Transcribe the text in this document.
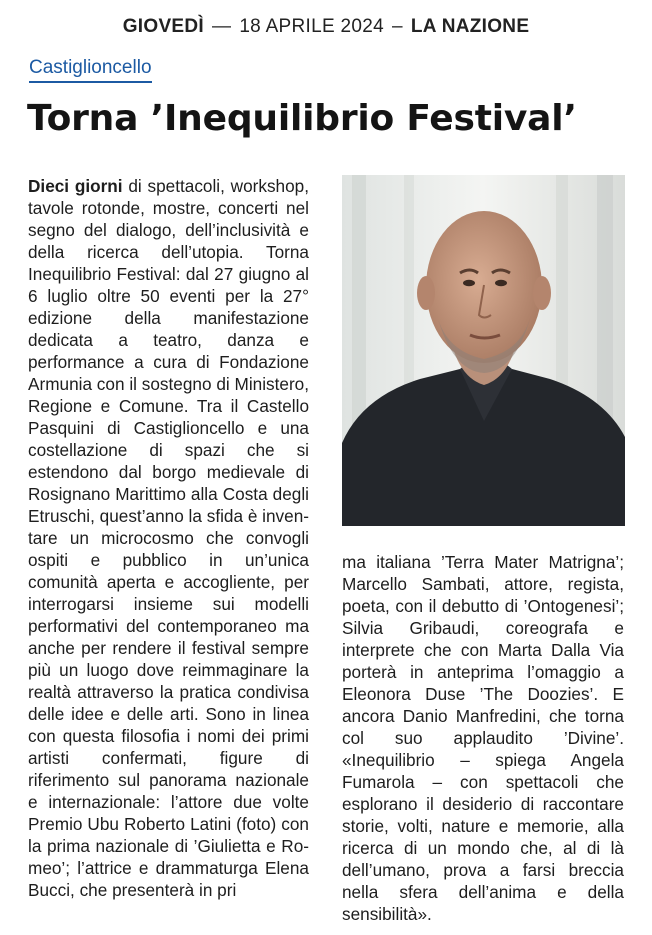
GIOVEDÌ — 18 APRILE 2024 – LA NAZIONE
Castiglioncello
Torna ’Inequilibrio Festival’
Dieci giorni di spettacoli, workshop, tavole rotonde, mostre, concerti nel segno del dialogo, dell’inclusività e della ricerca dell’utopia. Torna Inequilibrio Festival: dal 27 giugno al 6 luglio oltre 50 eventi per la 27° edizione della manifestazione dedicata a teatro, danza e performance a cura di Fondazione Armunia con il sostegno di Ministero, Regione e Comune. Tra il Castello Pasquini di Castiglioncello e una costellazione di spazi che si estendono dal borgo medievale di Rosignano Marittimo alla Costa degli Etruschi, quest’anno la sfida è inventare un microcosmo che convogli ospiti e pubblico in un’unica comunità aperta e accogliente, per interrogarsi insieme sui modelli performativi del contemporaneo ma anche per rendere il festival sempre più un luogo dove reimmaginare la realtà attraverso la pratica condivisa delle idee e delle arti. Sono in linea con questa filosofia i nomi dei primi artisti confermati, figure di riferimento sul panorama nazionale e internazionale: l’attore due volte Premio Ubu Roberto Latini (foto) con la prima nazionale di ’Giulietta e Romeo’; l’attrice e drammaturga Elena Bucci, che presenterà in pri
ma italiana ’Terra Mater Matrigna’; Marcello Sambati, attore, regista, poeta, con il debutto di ’Ontogenesi’; Silvia Gribaudi, coreografa e interprete che con Marta Dalla Via porterà in anteprima l’omaggio a Eleonora Duse ’The Doozies’. E ancora Danio Manfredini, che torna col suo applaudito ’Divine’. «Inequilibrio – spiega Angela Fumarola – con spettacoli che esplorano il desiderio di raccontare storie, volti, nature e memorie, alla ricerca di un mondo che, al di là dell’umano, prova a farsi breccia nella sfera dell’anima e della sensibilità».
